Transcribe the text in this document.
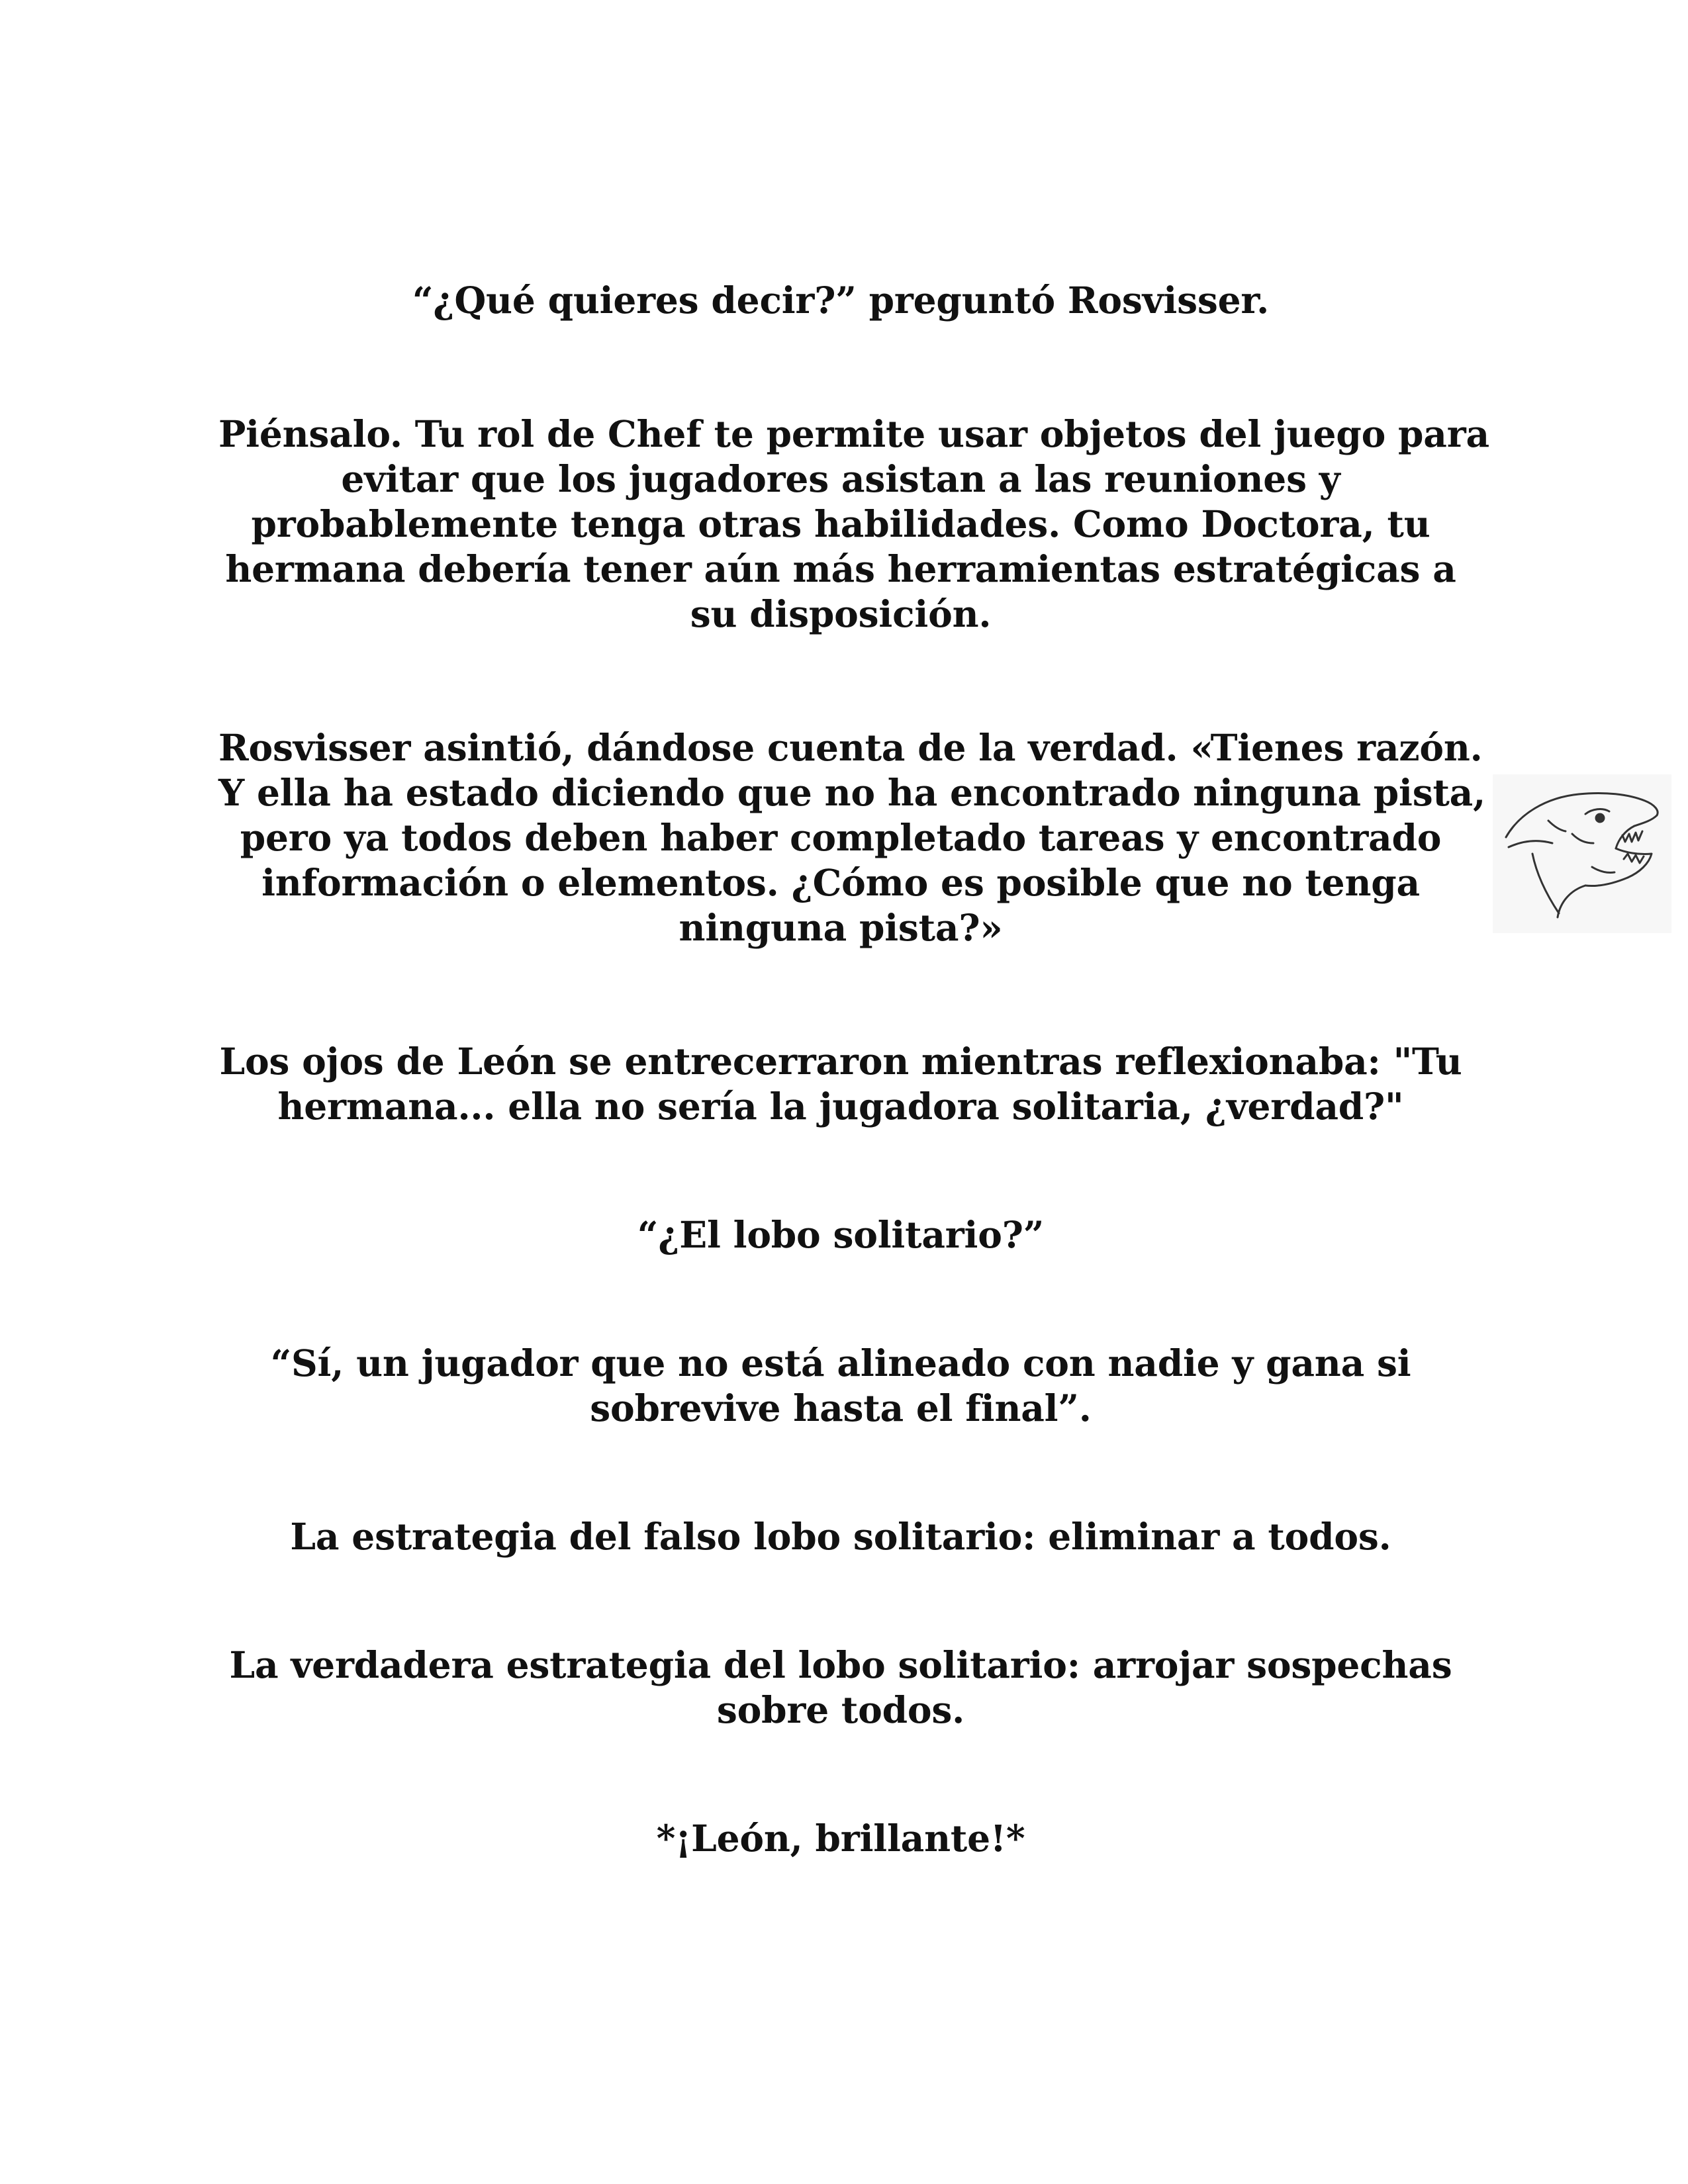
“¿Qué quieres decir?” preguntó Rosvisser.

Piénsalo. Tu rol de Chef te permite usar objetos del juego para
evitar que los jugadores asistan a las reuniones y
probablemente tenga otras habilidades. Como Doctora, tu
hermana debería tener aún más herramientas estratégicas a
su disposición.

Rosvisser asintió, dándose cuenta de la verdad. «Tienes razón.
Y ella ha estado diciendo que no ha encontrado ninguna pista,
pero ya todos deben haber completado tareas y encontrado
información o elementos. ¿Cómo es posible que no tenga
ninguna pista?»

Los ojos de León se entrecerraron mientras reflexionaba: "Tu
hermana... ella no sería la jugadora solitaria, ¿verdad?"

“¿El lobo solitario?”

“Sí, un jugador que no está alineado con nadie y gana si
sobrevive hasta el final”.

La estrategia del falso lobo solitario: eliminar a todos.

La verdadera estrategia del lobo solitario: arrojar sospechas
sobre todos.

*¡León, brillante!*
